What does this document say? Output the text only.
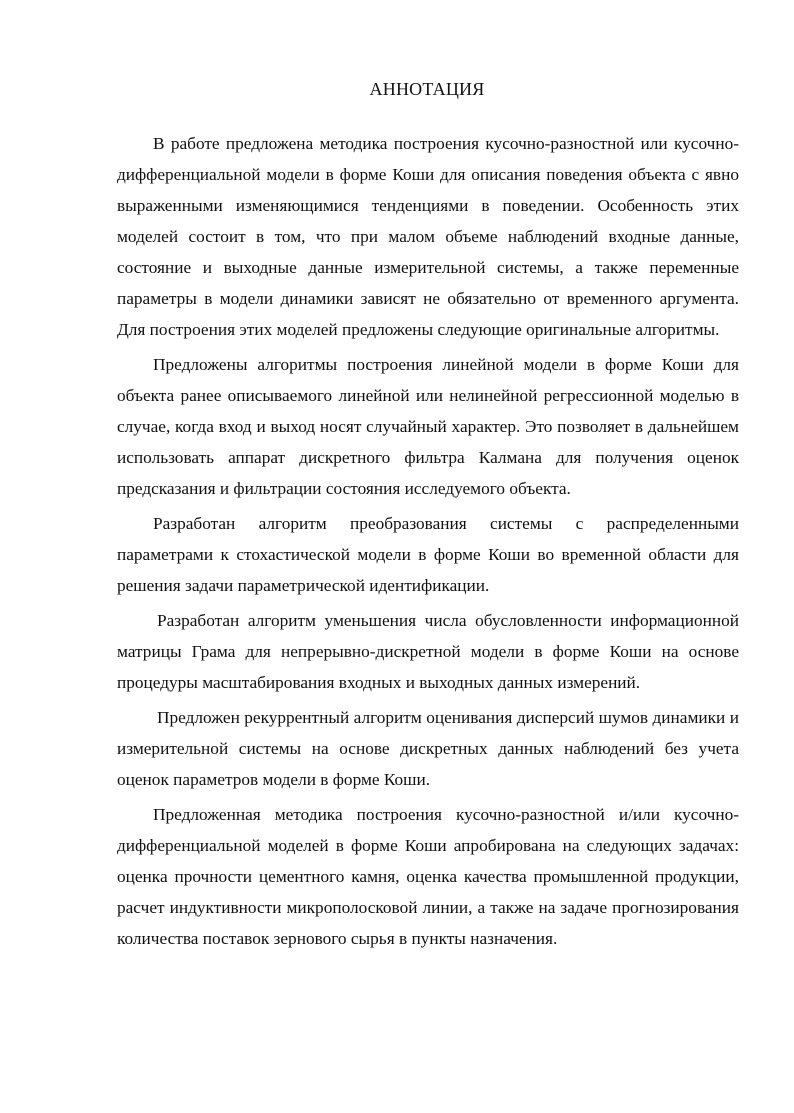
АННОТАЦИЯ

В работе предложена методика построения кусочно-разностной или кусочно-дифференциальной модели в форме Коши для описания поведения объекта с явно выраженными изменяющимися тенденциями в поведении. Особенность этих моделей состоит в том, что при малом объеме наблюдений входные данные, состояние и выходные данные измерительной системы, а также переменные параметры в модели динамики зависят не обязательно от временного аргумента. Для построения этих моделей предложены следующие оригинальные алгоритмы.

Предложены алгоритмы построения линейной модели в форме Коши для объекта ранее описываемого линейной или нелинейной регрессионной моделью в случае, когда вход и выход носят случайный характер. Это позволяет в дальнейшем использовать аппарат дискретного фильтра Калмана для получения оценок предсказания и фильтрации состояния исследуемого объекта.

Разработан алгоритм преобразования системы с распределенными параметрами к стохастической модели в форме Коши во временной области для решения задачи параметрической идентификации.

Разработан алгоритм уменьшения числа обусловленности информационной матрицы Грама для непрерывно-дискретной модели в форме Коши на основе процедуры масштабирования входных и выходных данных измерений.

Предложен рекуррентный алгоритм оценивания дисперсий шумов динамики и измерительной системы на основе дискретных данных наблюдений без учета оценок параметров модели в форме Коши.

Предложенная методика построения кусочно-разностной и/или кусочно-дифференциальной моделей в форме Коши апробирована на следующих задачах: оценка прочности цементного камня, оценка качества промышленной продукции, расчет индуктивности микрополосковой линии, а также на задаче прогнозирования количества поставок зернового сырья в пункты назначения.
